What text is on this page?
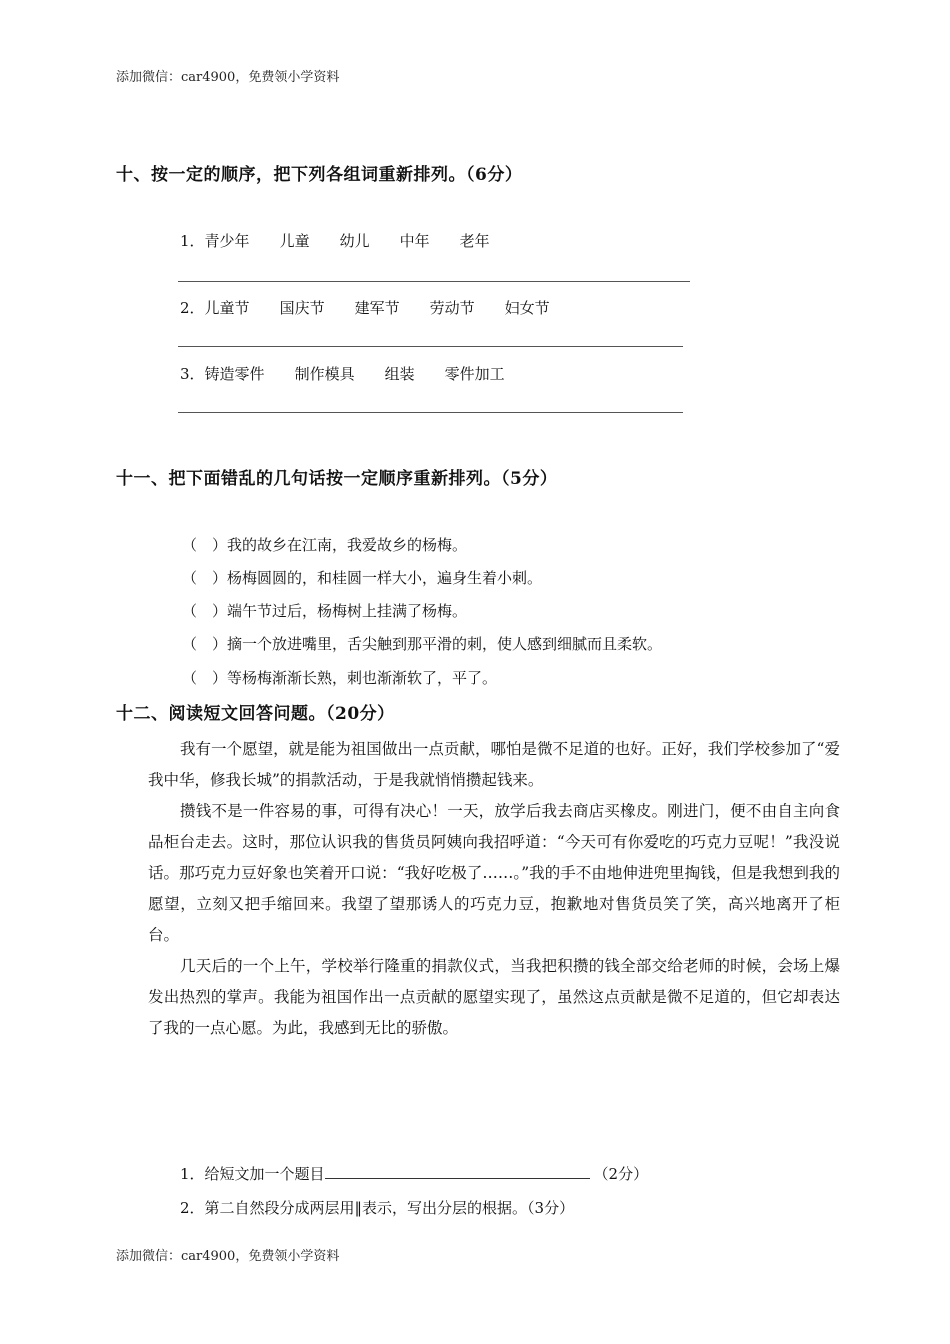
添加微信：car4900，免费领小学资料
十、按一定的顺序，把下列各组词重新排列。（6分）
1．青少年 儿童 幼儿 中年 老年
2．儿童节 国庆节 建军节 劳动节 妇女节
3．铸造零件 制作模具 组装 零件加工
十一、把下面错乱的几句话按一定顺序重新排列。（5分）
（　）我的故乡在江南，我爱故乡的杨梅。
（　）杨梅圆圆的，和桂圆一样大小，遍身生着小刺。
（　）端午节过后，杨梅树上挂满了杨梅。
（　）摘一个放进嘴里，舌尖触到那平滑的刺，使人感到细腻而且柔软。
（　）等杨梅渐渐长熟，刺也渐渐软了，平了。
十二、阅读短文回答问题。（20分）

我有一个愿望，就是能为祖国做出一点贡献，哪怕是微不足道的也好。正好，我们学校参加了“爱我中华，修我长城”的捐款活动，于是我就悄悄攒起钱来。

攒钱不是一件容易的事，可得有决心！一天，放学后我去商店买橡皮。刚进门，便不由自主向食品柜台走去。这时，那位认识我的售货员阿姨向我招呼道：“今天可有你爱吃的巧克力豆呢！”我没说话。那巧克力豆好象也笑着开口说：“我好吃极了……。”我的手不由地伸进兜里掏钱，但是我想到我的愿望，立刻又把手缩回来。我望了望那诱人的巧克力豆，抱歉地对售货员笑了笑，高兴地离开了柜台。

几天后的一个上午，学校举行隆重的捐款仪式，当我把积攒的钱全部交给老师的时候，会场上爆发出热烈的掌声。我能为祖国作出一点贡献的愿望实现了，虽然这点贡献是微不足道的，但它却表达了我的一点心愿。为此，我感到无比的骄傲。

1．给短文加一个题目	（2分）
2．第二自然段分成两层用‖表示，写出分层的根据。（3分）
添加微信：car4900，免费领小学资料
